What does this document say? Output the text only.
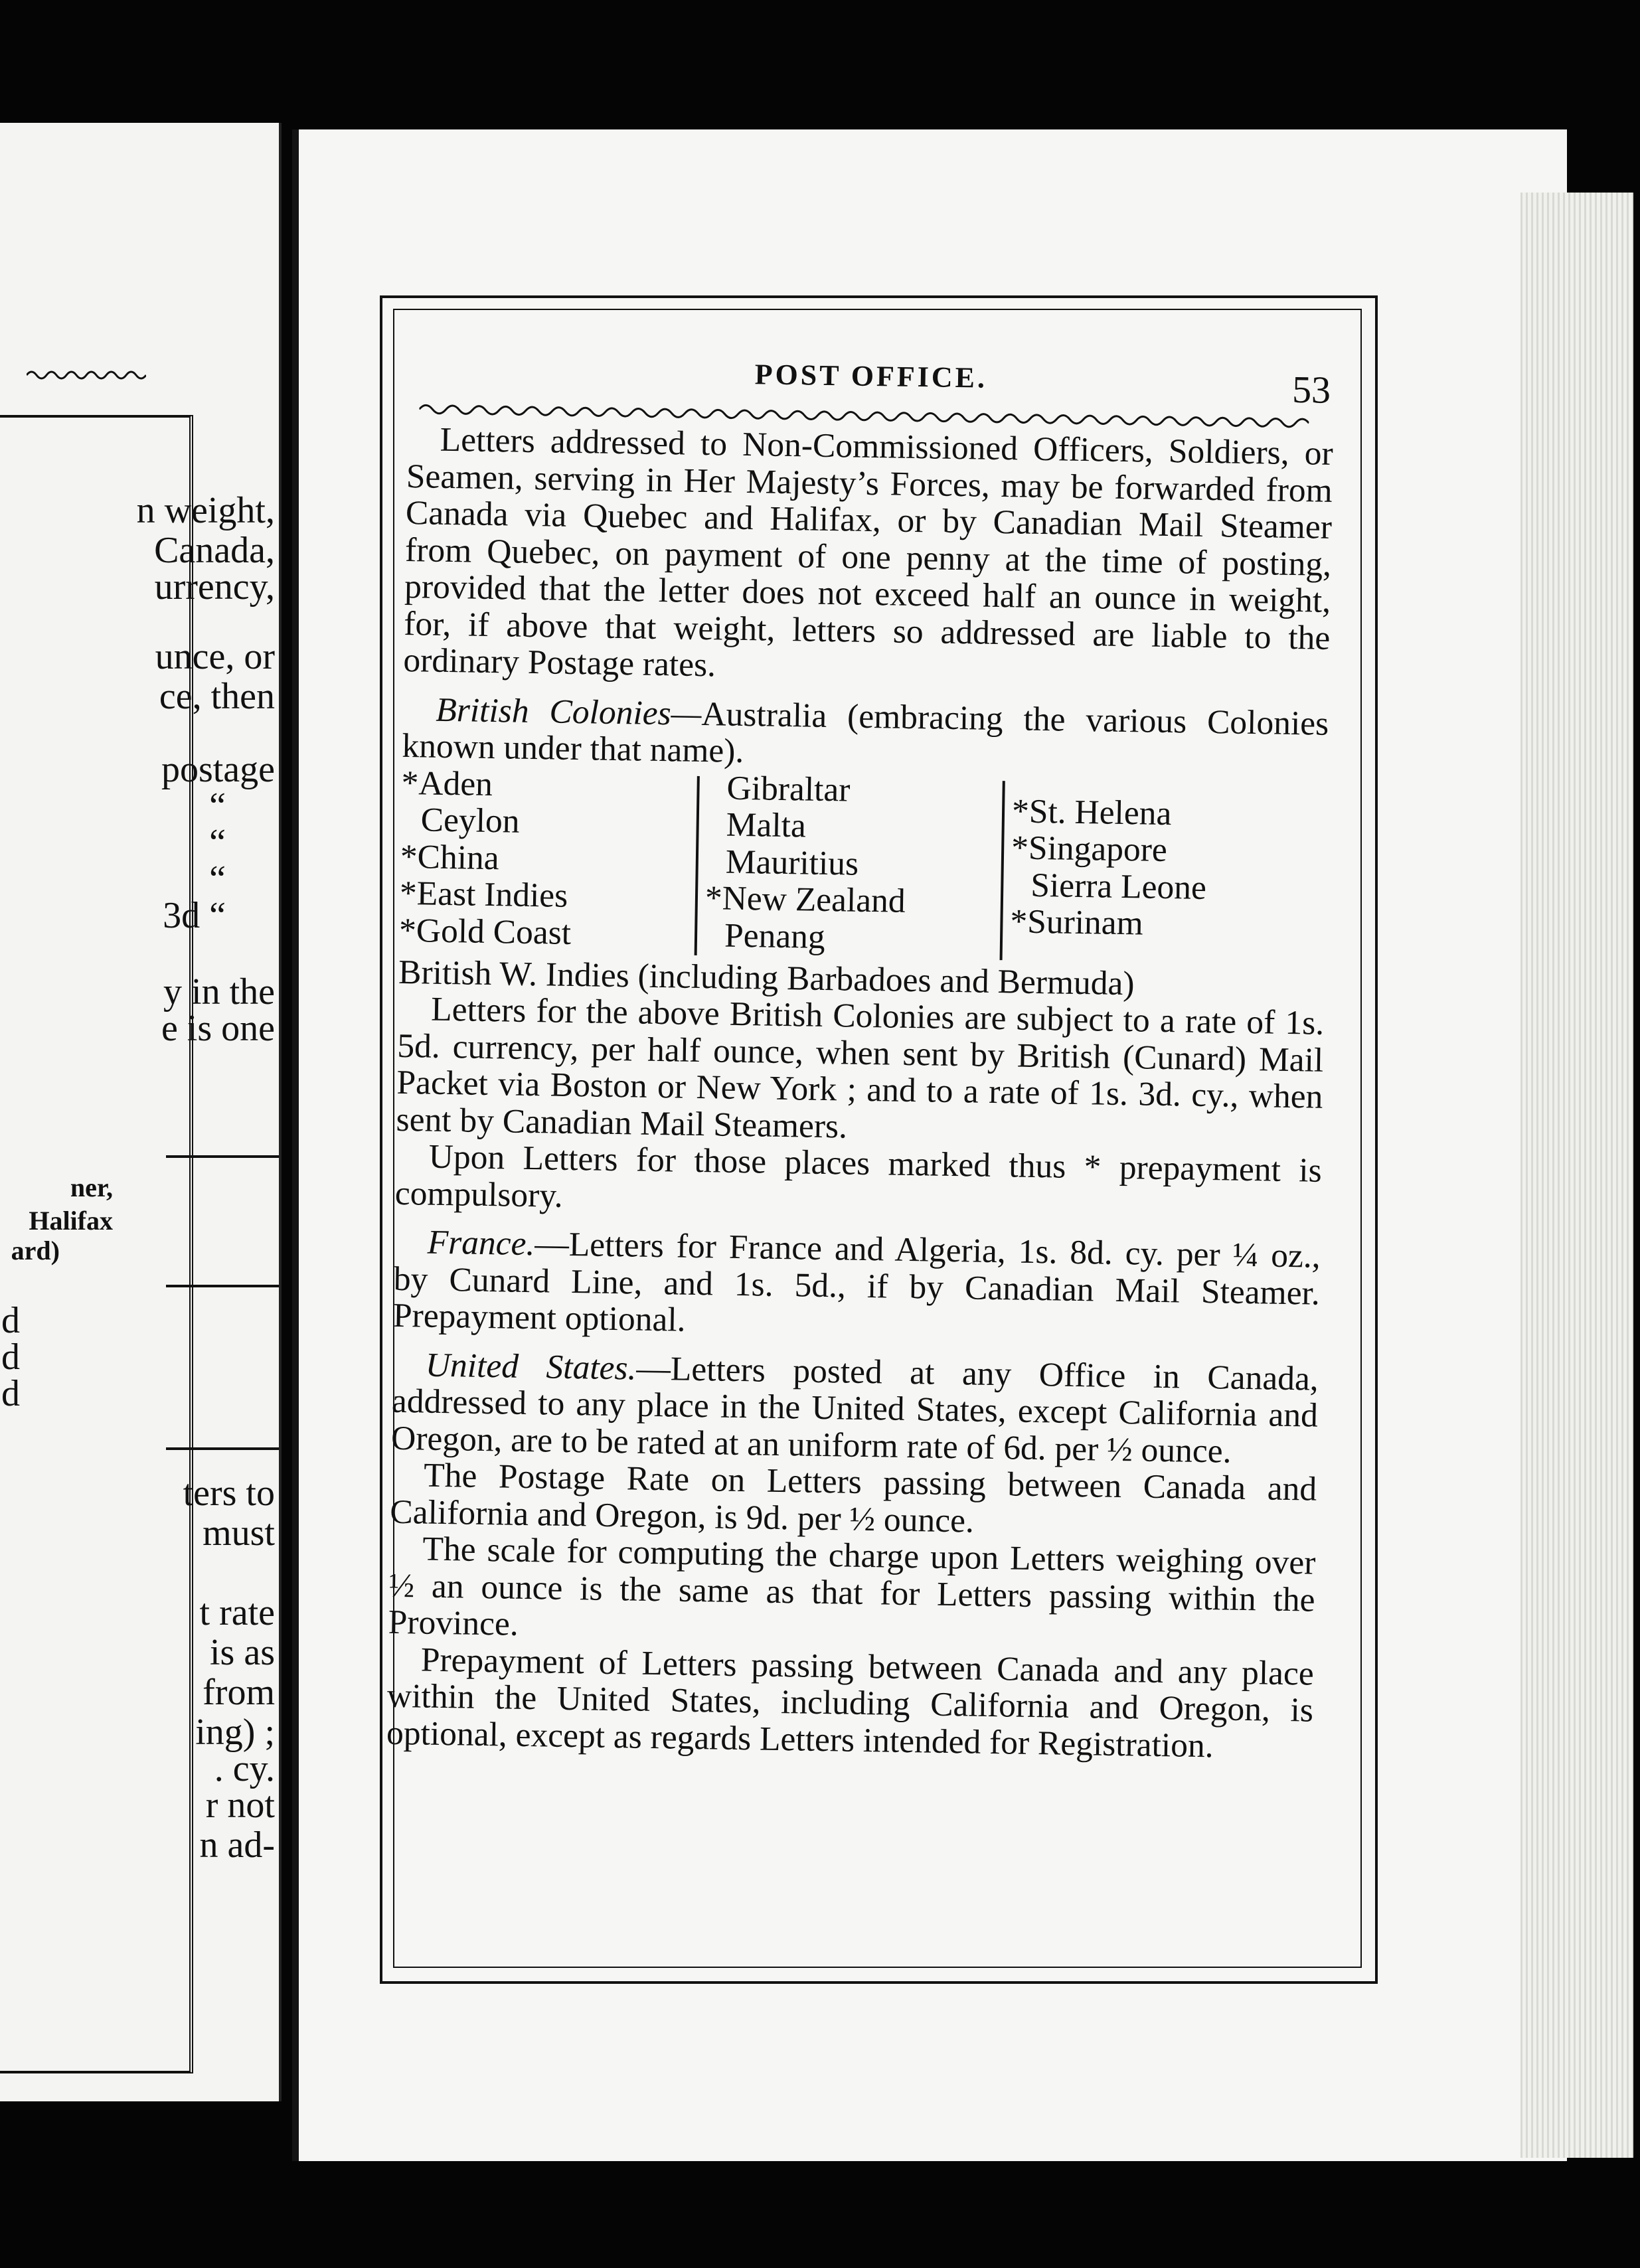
n weight,
Canada,
urrency,
unce, or
ce, then
postage
“
“
“
3d “
y in the
e is one
ner,
Halifax
ard)
d
d
d
ters to
must
t rate
is as
from
ing) ;
. cy.
r not
n ad-
POST OFFICE.	53

Letters addressed to Non-Commissioned Officers, Soldiers, or Seamen, serving in Her Majesty’s Forces, may be forwarded from Canada via Quebec and Halifax, or by Canadian Mail Steamer from Quebec, on payment of one penny at the time of posting, provided that the letter does not exceed half an ounce in weight, for, if above that weight, letters so addressed are liable to the ordinary Postage rates.

British Colonies—Australia (embracing the various Colonies known under that name).

*Aden
Ceylon
*China
*East Indies
*Gold Coast
Gibraltar
Malta
Mauritius
*New Zealand
Penang
*St. Helena
*Singapore
Sierra Leone
*Surinam

British W. Indies (including Barbadoes and Bermuda)

Letters for the above British Colonies are subject to a rate of 1s. 5d. currency, per half ounce, when sent by British (Cunard) Mail Packet via Boston or New York ; and to a rate of 1s. 3d. cy., when sent by Canadian Mail Steamers.

Upon Letters for those places marked thus * prepayment is compulsory.

France.—Letters for France and Algeria, 1s. 8d. cy. per ¼ oz., by Cunard Line, and 1s. 5d., if by Canadian Mail Steamer. Prepayment optional.

United States.—Letters posted at any Office in Canada, addressed to any place in the United States, except California and Oregon, are to be rated at an uniform rate of 6d. per ½ ounce.

The Postage Rate on Letters passing between Canada and California and Oregon, is 9d. per ½ ounce.

The scale for computing the charge upon Letters weighing over ½ an ounce is the same as that for Letters passing within the Province.

Prepayment of Letters passing between Canada and any place within the United States, including California and Oregon, is optional, except as regards Letters intended for Registration.
